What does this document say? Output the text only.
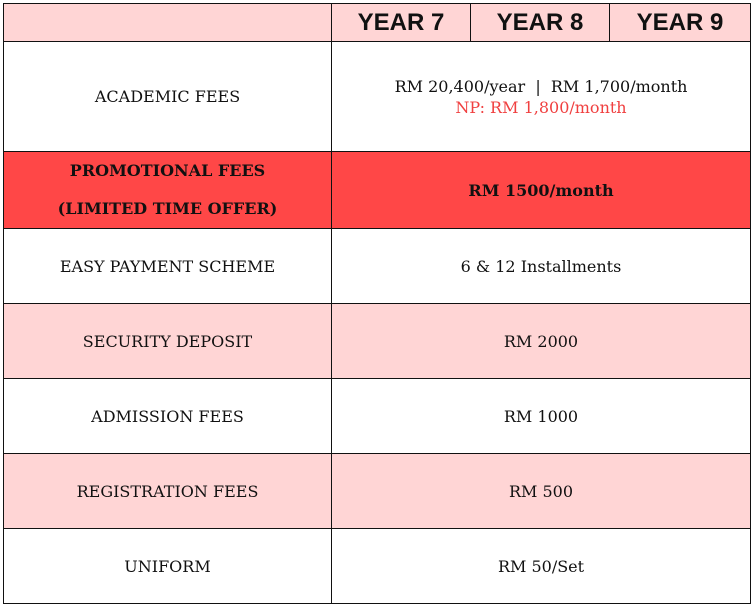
	YEAR 7	YEAR 8	YEAR 9
ACADEMIC FEES	RM 20,400/year  |  RM 1,700/month
NP: RM 1,800/month		

PROMOTIONAL FEES
(LIMITED TIME OFFER)	RM 1500/month		
EASY PAYMENT SCHEME	6 & 12 Installments		
SECURITY DEPOSIT	RM 2000		
ADMISSION FEES	RM 1000		
REGISTRATION FEES	RM 500		
UNIFORM	RM 50/Set		
